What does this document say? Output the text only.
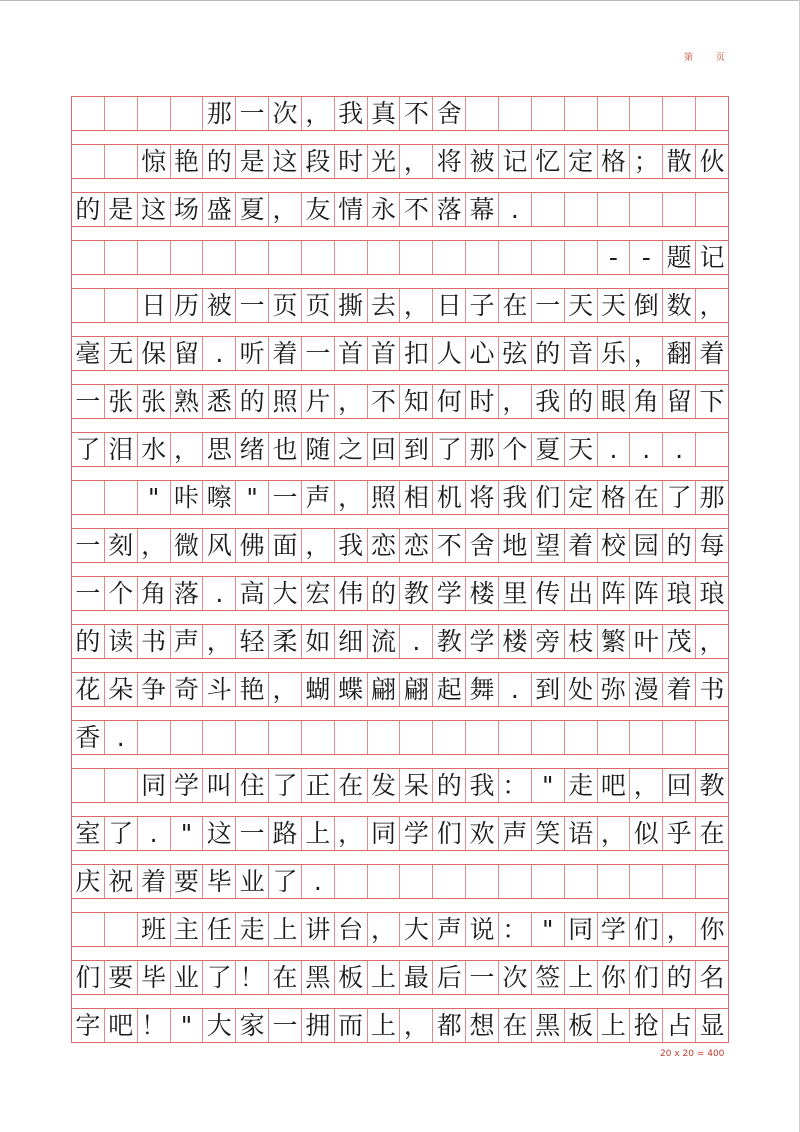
第 页
那 一 次 ， 我 真 不 舍
惊 艳 的 是 这 段 时 光 ， 将 被 记 忆 定 格 ； 散 伙
的 是 这 场 盛 夏 ， 友 情 永 不 落 幕 .
- - 题 记
日 历 被 一 页 页 撕 去 ， 日 子 在 一 天 天 倒 数 ，
毫 无 保 留 . 听 着 一 首 首 扣 人 心 弦 的 音 乐 ， 翻 着
一 张 张 熟 悉 的 照 片 ， 不 知 何 时 ， 我 的 眼 角 留 下
了 泪 水 ， 思 绪 也 随 之 回 到 了 那 个 夏 天 . . .
" 咔 嚓 " 一 声 ， 照 相 机 将 我 们 定 格 在 了 那
一 刻 ， 微 风 佛 面 ， 我 恋 恋 不 舍 地 望 着 校 园 的 每
一 个 角 落 . 高 大 宏 伟 的 教 学 楼 里 传 出 阵 阵 琅 琅
的 读 书 声 ， 轻 柔 如 细 流 . 教 学 楼 旁 枝 繁 叶 茂 ，
花 朵 争 奇 斗 艳 ， 蝴 蝶 翩 翩 起 舞 . 到 处 弥 漫 着 书
香 .
同 学 叫 住 了 正 在 发 呆 的 我 ： " 走 吧 ， 回 教
室 了 . " 这 一 路 上 ， 同 学 们 欢 声 笑 语 ， 似 乎 在
庆 祝 着 要 毕 业 了 .
班 主 任 走 上 讲 台 ， 大 声 说 ： " 同 学 们 ， 你
们 要 毕 业 了 ！ 在 黑 板 上 最 后 一 次 签 上 你 们 的 名
字 吧 ！ " 大 家 一 拥 而 上 ， 都 想 在 黑 板 上 抢 占 显
20 x 20 = 400
